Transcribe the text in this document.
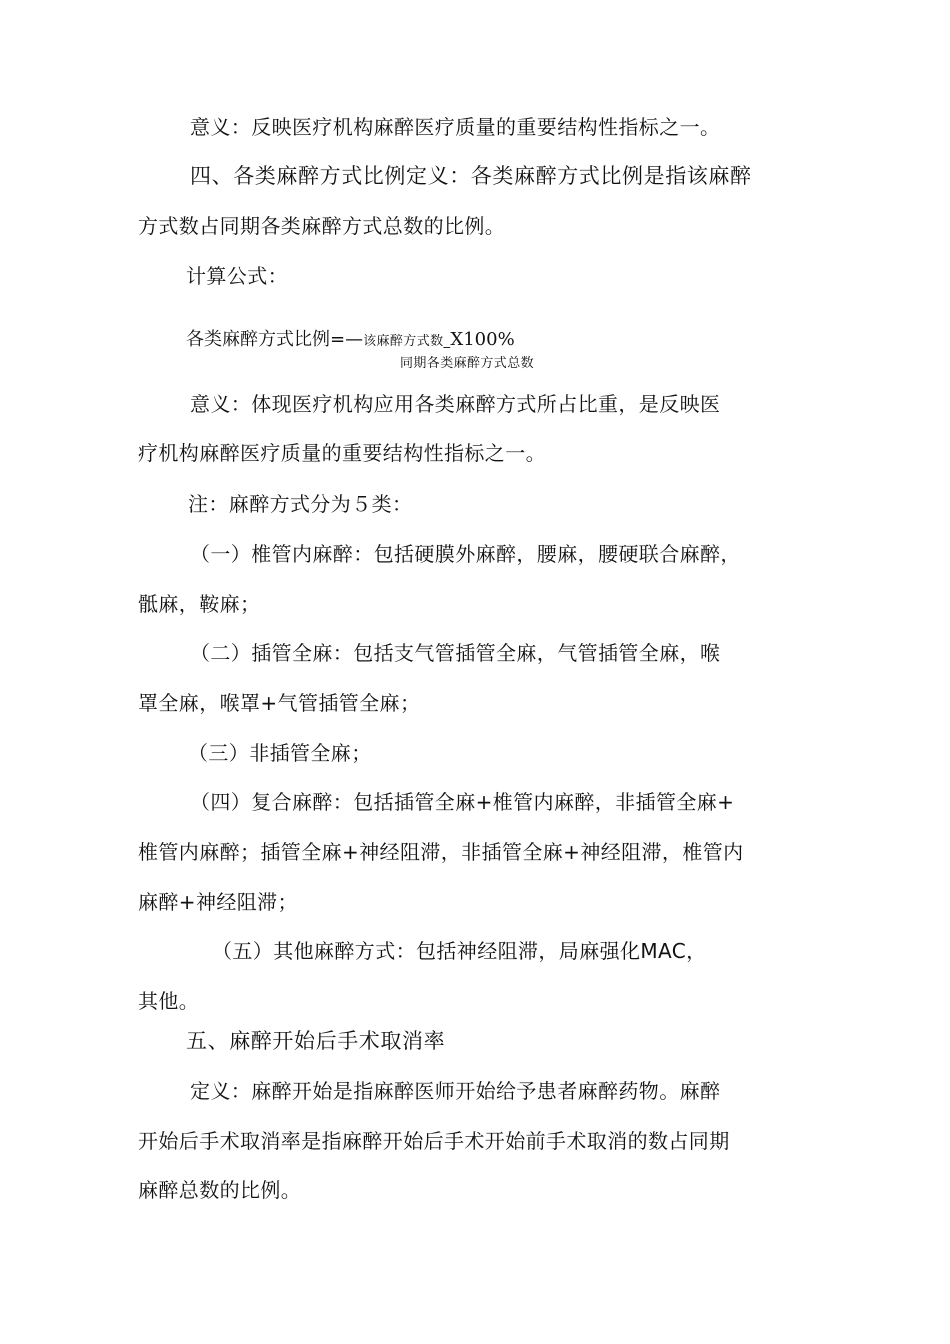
意义：反映医疗机构麻醉医疗质量的重要结构性指标之一。
四、各类麻醉方式比例定义：各类麻醉方式比例是指该麻醉
方式数占同期各类麻醉方式总数的比例。
计算公式：
各类麻醉方式比例=—该麻醉方式数_X100%
同期各类麻醉方式总数
意义：体现医疗机构应用各类麻醉方式所占比重，是反映医
疗机构麻醉医疗质量的重要结构性指标之一。
注：麻醉方式分为５类：
（一）椎管内麻醉：包括硬膜外麻醉，腰麻，腰硬联合麻醉，
骶麻，鞍麻；
（二）插管全麻：包括支气管插管全麻，气管插管全麻，喉
罩全麻，喉罩+气管插管全麻；
（三）非插管全麻；
（四）复合麻醉：包括插管全麻+椎管内麻醉，非插管全麻+
椎管内麻醉；插管全麻+神经阻滞，非插管全麻+神经阻滞，椎管内
麻醉+神经阻滞；
（五）其他麻醉方式：包括神经阻滞，局麻强化MAC，
其他。
五、麻醉开始后手术取消率
定义：麻醉开始是指麻醉医师开始给予患者麻醉药物。麻醉
开始后手术取消率是指麻醉开始后手术开始前手术取消的数占同期
麻醉总数的比例。
